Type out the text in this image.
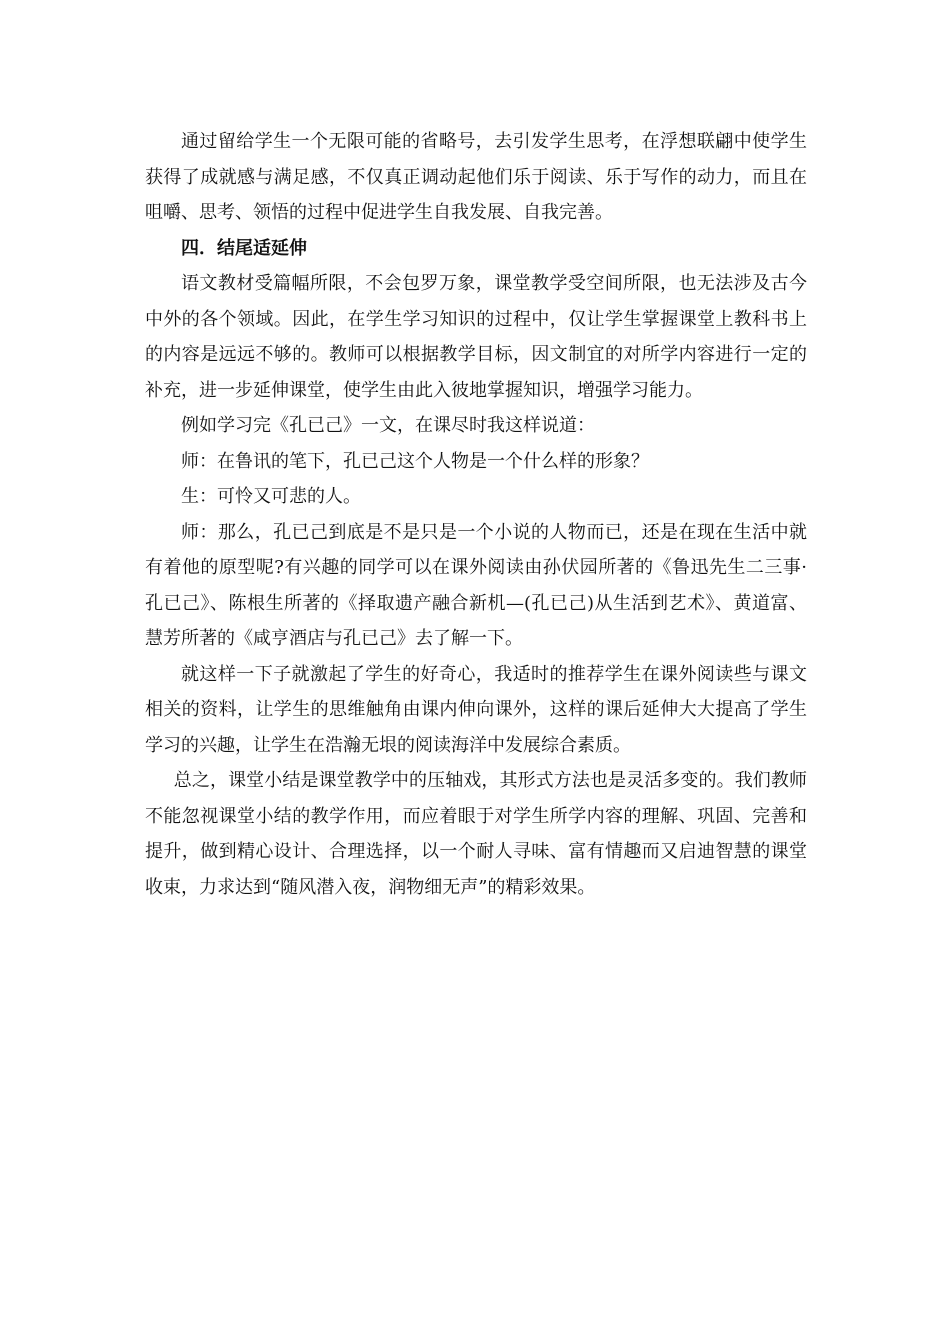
通过留给学生一个无限可能的省略号，去引发学生思考，在浮想联翩中使学生获得了成就感与满足感，不仅真正调动起他们乐于阅读、乐于写作的动力，而且在咀嚼、思考、领悟的过程中促进学生自我发展、自我完善。

四．结尾适延伸

语文教材受篇幅所限，不会包罗万象，课堂教学受空间所限，也无法涉及古今中外的各个领域。因此，在学生学习知识的过程中，仅让学生掌握课堂上教科书上的内容是远远不够的。教师可以根据教学目标，因文制宜的对所学内容进行一定的补充，进一步延伸课堂，使学生由此入彼地掌握知识，增强学习能力。

例如学习完《孔已己》一文，在课尽时我这样说道：

师：在鲁讯的笔下，孔已己这个人物是一个什么样的形象？

生：可怜又可悲的人。

师：那么，孔已己到底是不是只是一个小说的人物而已，还是在现在生活中就有着他的原型呢?有兴趣的同学可以在课外阅读由孙伏园所著的《鲁迅先生二三事·孔已己》、陈根生所著的《择取遗产融合新机—(孔已己)从生活到艺术》、黄道富、慧芳所著的《咸亨酒店与孔已己》去了解一下。

就这样一下子就激起了学生的好奇心，我适时的推荐学生在课外阅读些与课文相关的资料，让学生的思维触角由课内伸向课外，这样的课后延伸大大提高了学生学习的兴趣，让学生在浩瀚无垠的阅读海洋中发展综合素质。

总之，课堂小结是课堂教学中的压轴戏，其形式方法也是灵活多变的。我们教师不能忽视课堂小结的教学作用，而应着眼于对学生所学内容的理解、巩固、完善和提升，做到精心设计、合理选择，以一个耐人寻味、富有情趣而又启迪智慧的课堂收束，力求达到“随风潜入夜，润物细无声”的精彩效果。
